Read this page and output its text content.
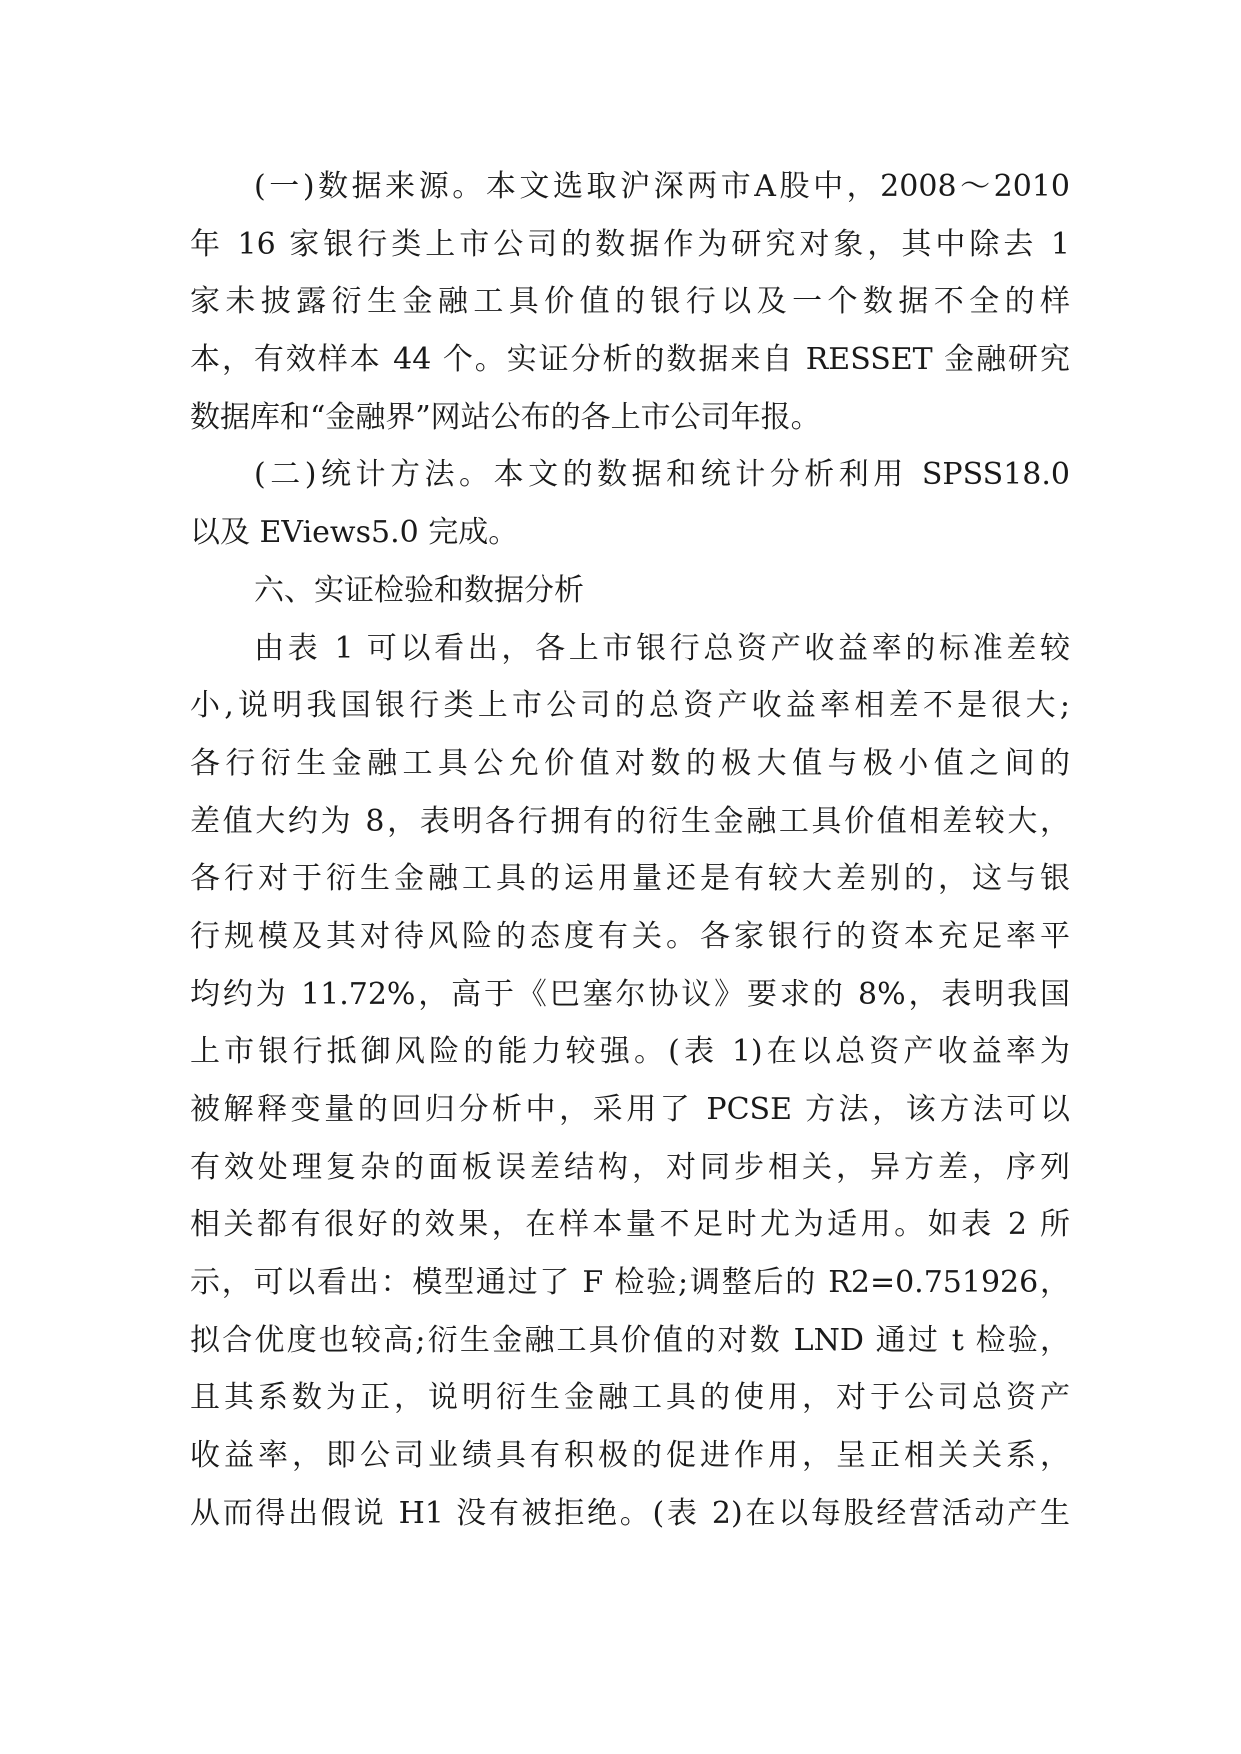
(一)数据来源。本文选取沪深两市A股中，2008～2010
年 16 家银行类上市公司的数据作为研究对象，其中除去 1
家未披露衍生金融工具价值的银行以及一个数据不全的样
本，有效样本 44 个。实证分析的数据来自 RESSET 金融研究
数据库和“金融界”网站公布的各上市公司年报。
(二)统计方法。本文的数据和统计分析利用 SPSS18.0
以及 EViews5.0 完成。
六、实证检验和数据分析
由表 1 可以看出，各上市银行总资产收益率的标准差较
小,说明我国银行类上市公司的总资产收益率相差不是很大;
各行衍生金融工具公允价值对数的极大值与极小值之间的
差值大约为 8，表明各行拥有的衍生金融工具价值相差较大，
各行对于衍生金融工具的运用量还是有较大差别的，这与银
行规模及其对待风险的态度有关。各家银行的资本充足率平
均约为 11.72%，高于《巴塞尔协议》要求的 8%，表明我国
上市银行抵御风险的能力较强。(表 1)在以总资产收益率为
被解释变量的回归分析中，采用了 PCSE 方法，该方法可以
有效处理复杂的面板误差结构，对同步相关，异方差，序列
相关都有很好的效果，在样本量不足时尤为适用。如表 2 所
示，可以看出：模型通过了 F 检验;调整后的 R2=0.751926，
拟合优度也较高;衍生金融工具价值的对数 LND 通过 t 检验，
且其系数为正，说明衍生金融工具的使用，对于公司总资产
收益率，即公司业绩具有积极的促进作用，呈正相关关系，
从而得出假说 H1 没有被拒绝。(表 2)在以每股经营活动产生
